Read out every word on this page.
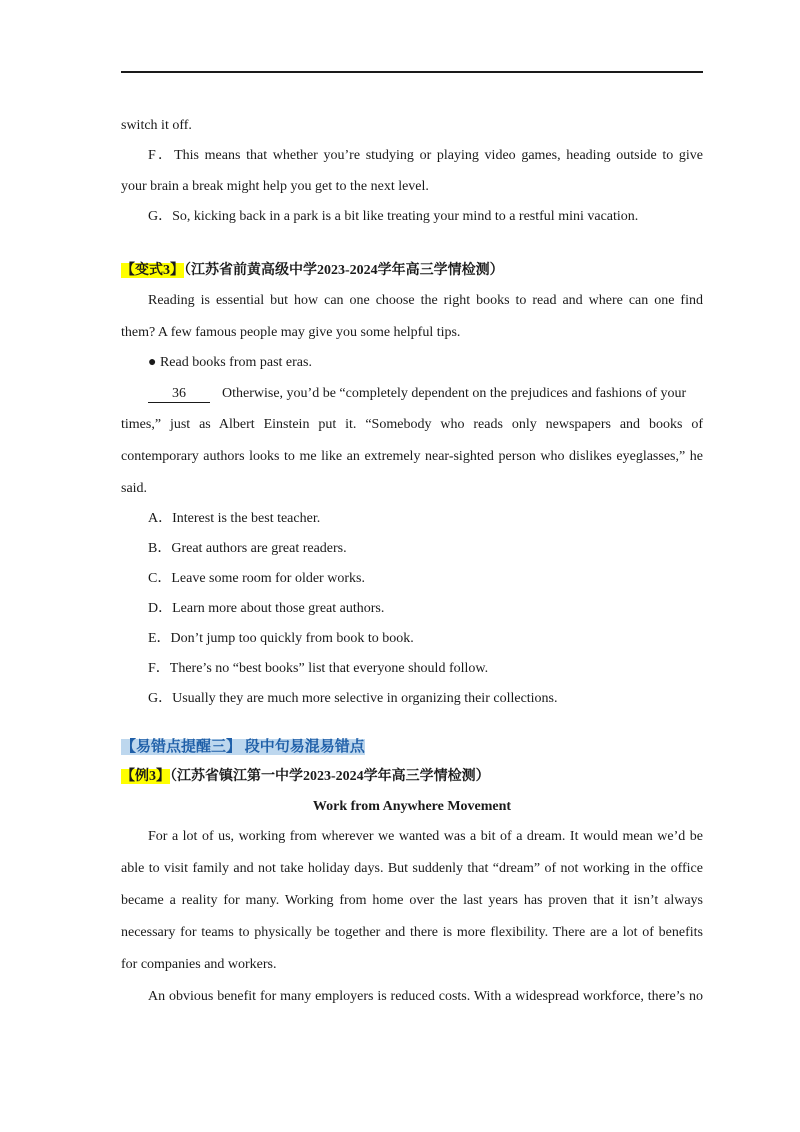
switch it off.
F．This means that whether you’re studying or playing video games, heading outside to give
your brain a break might help you get to the next level.
G．So, kicking back in a park is a bit like treating your mind to a restful mini vacation.
【变式3】（江苏省前黄高级中学2023-2024学年高三学情检测）
Reading is essential but how can one choose the right books to read and where can one find
them? A few famous people may give you some helpful tips.
● Read books from past eras.
36	Otherwise, you’d be “completely dependent on the prejudices and fashions of your
times,” just as Albert Einstein put it. “Somebody who reads only newspapers and books of
contemporary authors looks to me like an extremely near-sighted person who dislikes eyeglasses,” he
said.
A．Interest is the best teacher.
B．Great authors are great readers.
C．Leave some room for older works.
D．Learn more about those great authors.
E．Don’t jump too quickly from book to book.
F．There’s no “best books” list that everyone should follow.
G．Usually they are much more selective in organizing their collections.
【易错点提醒三】 段中句易混易错点
【例3】（江苏省镇江第一中学2023-2024学年高三学情检测）
Work from Anywhere Movement
For a lot of us, working from wherever we wanted was a bit of a dream. It would mean we’d be
able to visit family and not take holiday days. But suddenly that “dream” of not working in the office
became a reality for many. Working from home over the last years has proven that it isn’t always
necessary for teams to physically be together and there is more flexibility. There are a lot of benefits
for companies and workers.
An obvious benefit for many employers is reduced costs. With a widespread workforce, there’s no
